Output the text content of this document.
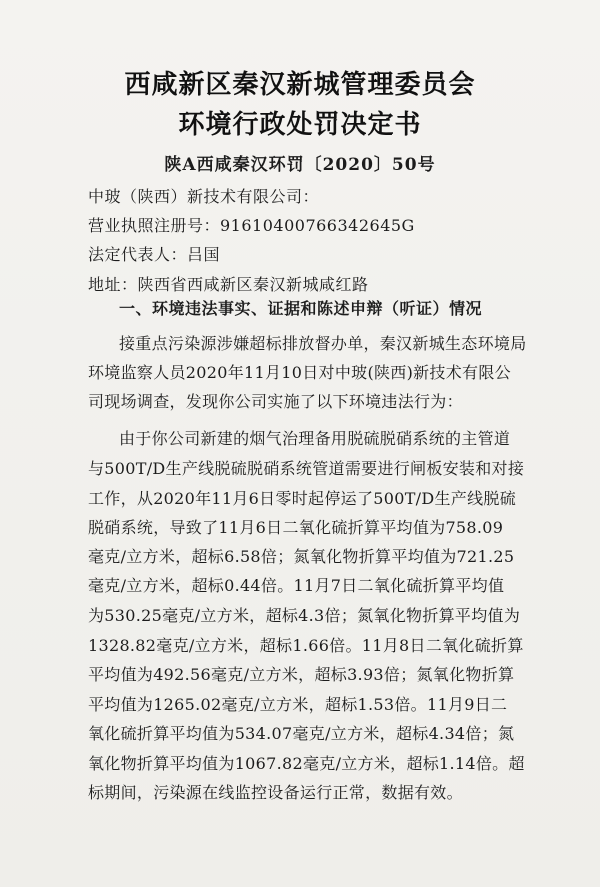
西咸新区秦汉新城管理委员会
环境行政处罚决定书
陕A西咸秦汉环罚〔2020〕50号
中玻（陕西）新技术有限公司：
营业执照注册号：91610400766342645G
法定代表人：吕国
地址：陕西省西咸新区秦汉新城咸红路
一、环境违法事实、证据和陈述申辩（听证）情况
接重点污染源涉嫌超标排放督办单，秦汉新城生态环境局
环境监察人员2020年11月10日对中玻(陕西)新技术有限公
司现场调查，发现你公司实施了以下环境违法行为：
由于你公司新建的烟气治理备用脱硫脱硝系统的主管道
与500T/D生产线脱硫脱硝系统管道需要进行闸板安装和对接
工作，从2020年11月6日零时起停运了500T/D生产线脱硫
脱硝系统，导致了11月6日二氧化硫折算平均值为758.09
毫克/立方米，超标6.58倍；氮氧化物折算平均值为721.25
毫克/立方米，超标0.44倍。11月7日二氧化硫折算平均值
为530.25毫克/立方米，超标4.3倍；氮氧化物折算平均值为
1328.82毫克/立方米，超标1.66倍。11月8日二氧化硫折算
平均值为492.56毫克/立方米，超标3.93倍；氮氧化物折算
平均值为1265.02毫克/立方米，超标1.53倍。11月9日二
氧化硫折算平均值为534.07毫克/立方米，超标4.34倍；氮
氧化物折算平均值为1067.82毫克/立方米，超标1.14倍。超
标期间，污染源在线监控设备运行正常，数据有效。
